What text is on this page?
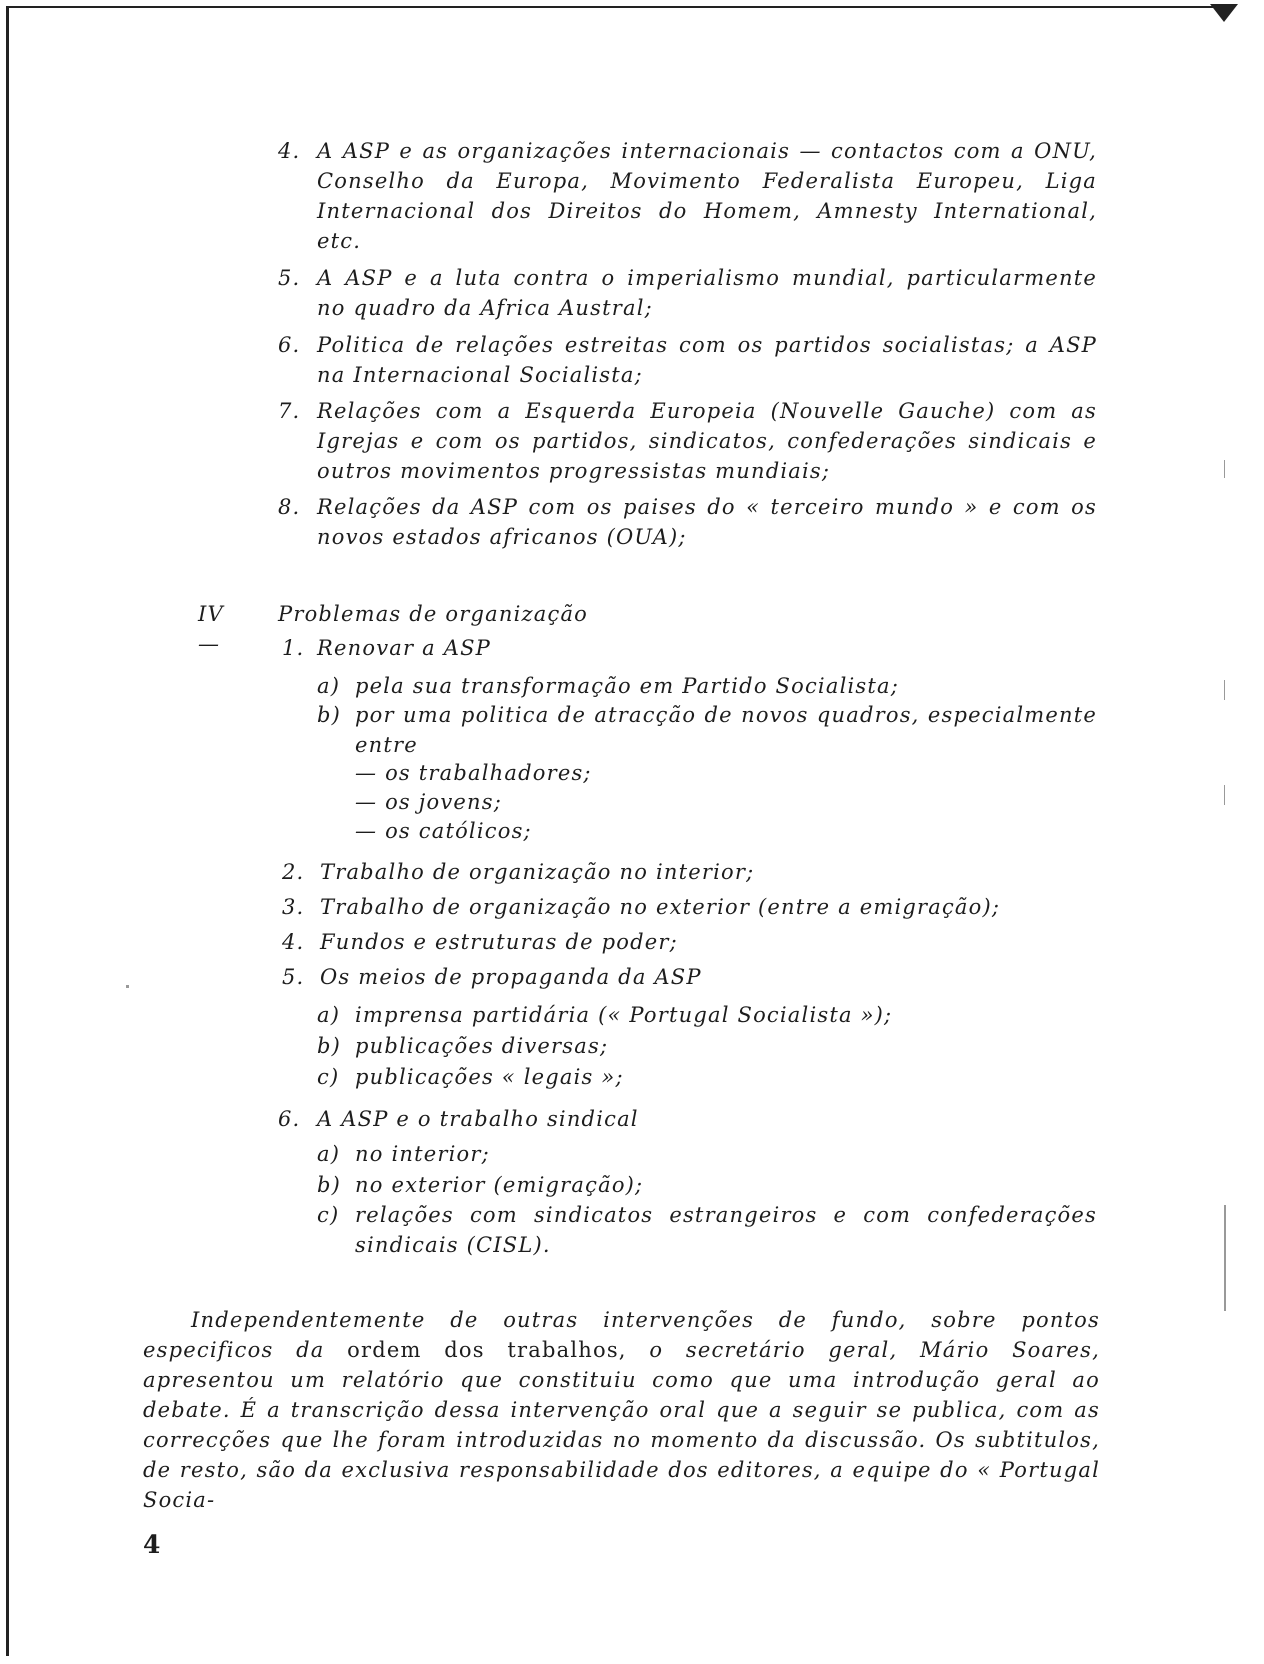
4. A ASP e as organizações internacionais — contactos com a ONU, Conselho da Europa, Movimento Federalista Europeu, Liga Internacional dos Direitos do Homem, Amnesty International, etc.
5. A ASP e a luta contra o imperialismo mundial, particularmente no quadro da Africa Austral;
6. Politica de relações estreitas com os partidos socialistas; a ASP na Internacional Socialista;
7. Relações com a Esquerda Europeia (Nouvelle Gauche) com as Igrejas e com os partidos, sindicatos, confederações sindicais e outros movimentos progressistas mundiais;
8. Relações da ASP com os paises do « terceiro mundo » e com os novos estados africanos (OUA);
IV —
Problemas de organização
1. Renovar a ASP
a) pela sua transformação em Partido Socialista;
b) por uma politica de atracção de novos quadros, especialmente entre
— os trabalhadores;
— os jovens;
— os católicos;
2. Trabalho de organização no interior;
3. Trabalho de organização no exterior (entre a emigração);
4. Fundos e estruturas de poder;
5. Os meios de propaganda da ASP
a) imprensa partidária (« Portugal Socialista »);
b) publicações diversas;
c) publicações « legais »;
6. A ASP e o trabalho sindical
a) no interior;
b) no exterior (emigração);
c) relações com sindicatos estrangeiros e com confederações sindicais (CISL).
Independentemente de outras intervenções de fundo, sobre pontos especificos da ordem dos trabalhos, o secretário geral, Mário Soares, apresentou um relatório que constituiu como que uma introdução geral ao debate. É a transcrição dessa intervenção oral que a seguir se publica, com as correcções que lhe foram introduzidas no momento da discussão. Os subtitulos, de resto, são da exclusiva responsabilidade dos editores, a equipe do « Portugal Socia-
4
